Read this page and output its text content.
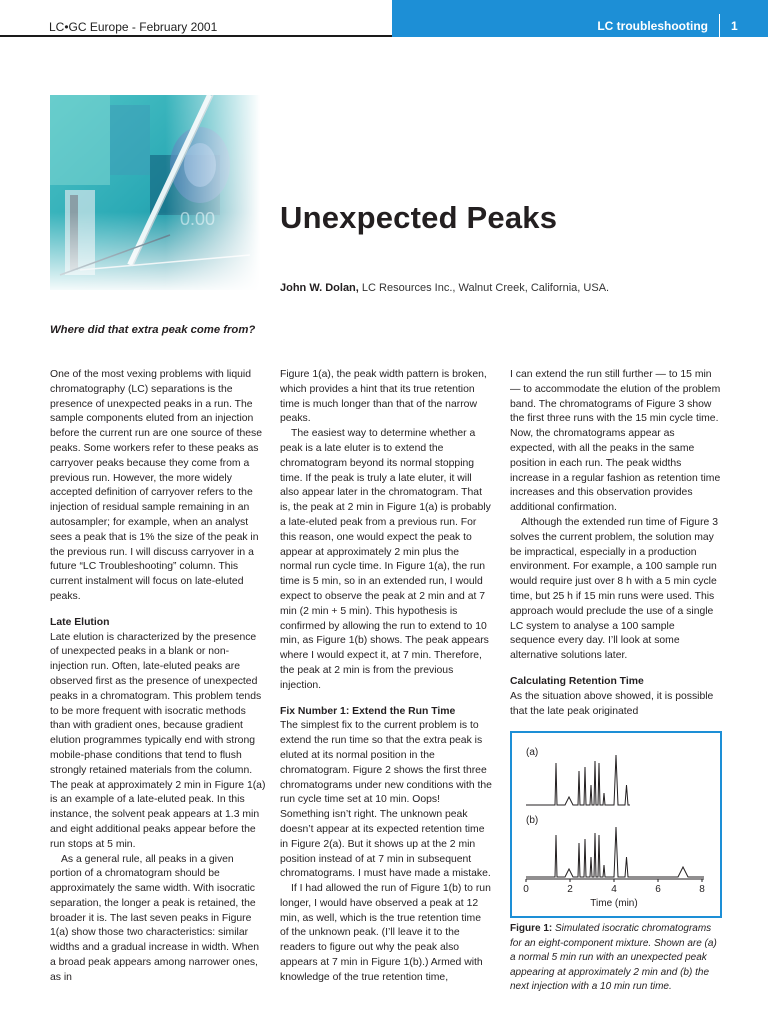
LC•GC Europe - February 2001	LC troubleshooting 1
Unexpected Peaks
John W. Dolan, LC Resources Inc., Walnut Creek, California, USA.
Where did that extra peak come from?

One of the most vexing problems with liquid chromatography (LC) separations is the presence of unexpected peaks in a run. The sample components eluted from an injection before the current run are one source of these peaks. Some workers refer to these peaks as carryover peaks because they come from a previous run. However, the more widely accepted definition of carryover refers to the injection of residual sample remaining in an autosampler; for example, when an analyst sees a peak that is 1% the size of the peak in the previous run. I will discuss carryover in a future “LC Troubleshooting” column. This current instalment will focus on late-eluted peaks.

Late Elution

Late elution is characterized by the presence of unexpected peaks in a blank or non-injection run. Often, late-eluted peaks are observed first as the presence of unexpected peaks in a chromatogram. This problem tends to be more frequent with isocratic methods than with gradient ones, because gradient elution programmes typically end with strong mobile-phase conditions that tend to flush strongly retained materials from the column. The peak at approximately 2 min in Figure 1(a) is an example of a late-eluted peak. In this instance, the solvent peak appears at 1.3 min and eight additional peaks appear before the run stops at 5 min.

As a general rule, all peaks in a given portion of a chromatogram should be approximately the same width. With isocratic separation, the longer a peak is retained, the broader it is. The last seven peaks in Figure 1(a) show those two characteristics: similar widths and a gradual increase in width. When a broad peak appears among narrower ones, as in

Figure 1(a), the peak width pattern is broken, which provides a hint that its true retention time is much longer than that of the narrow peaks.

The easiest way to determine whether a peak is a late eluter is to extend the chromatogram beyond its normal stopping time. If the peak is truly a late eluter, it will also appear later in the chromatogram. That is, the peak at 2 min in Figure 1(a) is probably a late-eluted peak from a previous run. For this reason, one would expect the peak to appear at approximately 2 min plus the normal run cycle time. In Figure 1(a), the run time is 5 min, so in an extended run, I would expect to observe the peak at 2 min and at 7 min (2 min + 5 min). This hypothesis is confirmed by allowing the run to extend to 10 min, as Figure 1(b) shows. The peak appears where I would expect it, at 7 min. Therefore, the peak at 2 min is from the previous injection.

Fix Number 1: Extend the Run Time

The simplest fix to the current problem is to extend the run time so that the extra peak is eluted at its normal position in the chromatogram. Figure 2 shows the first three chromatograms under new conditions with the run cycle time set at 10 min. Oops! Something isn’t right. The unknown peak doesn’t appear at its expected retention time in Figure 2(a). But it shows up at the 2 min position instead of at 7 min in subsequent chromatograms. I must have made a mistake.

If I had allowed the run of Figure 1(b) to run longer, I would have observed a peak at 12 min, as well, which is the true retention time of the unknown peak. (I’ll leave it to the readers to figure out why the peak also appears at 7 min in Figure 1(b).) Armed with knowledge of the true retention time,

I can extend the run still further — to 15 min — to accommodate the elution of the problem band. The chromatograms of Figure 3 show the first three runs with the 15 min cycle time. Now, the chromatograms appear as expected, with all the peaks in the same position in each run. The peak widths increase in a regular fashion as retention time increases and this observation provides additional confirmation.

Although the extended run time of Figure 3 solves the current problem, the solution may be impractical, especially in a production environment. For example, a 100 sample run would require just over 8 h with a 5 min cycle time, but 25 h if 15 min runs were used. This approach would preclude the use of a single LC system to analyse a 100 sample sequence every day. I’ll look at some alternative solutions later.

Calculating Retention Time

As the situation above showed, it is possible that the late peak originated

(a)
(b)
0	2	4	6	8
Time (min)
Figure 1: Simulated isocratic chromatograms for an eight-component mixture. Shown are (a) a normal 5 min run with an unexpected peak appearing at approximately 2 min and (b) the next injection with a 10 min run time.
